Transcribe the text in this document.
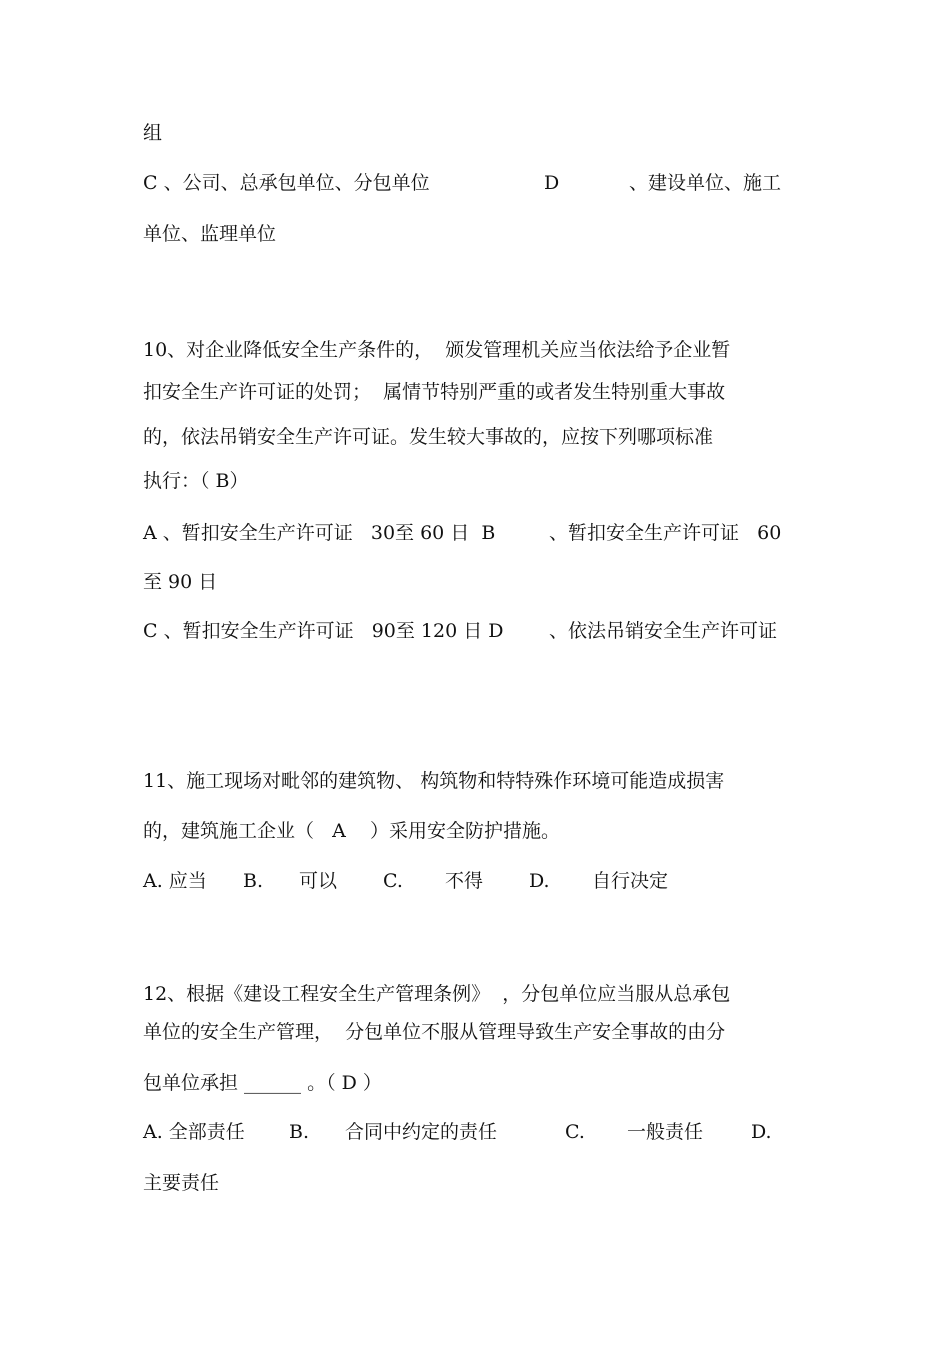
组

C 、公司、总承包单位、分包单位

	D

	、建设单位、施工

单位、监理单位
10、对企业降低安全生产条件的，  颁发管理机关应当依法给予企业暂
扣安全生产许可证的处罚；  属情节特别严重的或者发生特别重大事故
的，依法吊销安全生产许可证。发生较大事故的，应按下列哪项标准
执行：（ B）

A 、暂扣安全生产许可证   30至 60 日  B

	、暂扣安全生产许可证   60

至 90 日

C 、暂扣安全生产许可证   90至 120 日 D

、依法吊销安全生产许可证

11、施工现场对毗邻的建筑物、 构筑物和特特殊作环境可能造成损害
的，建筑施工企业（   A    ）采用安全防护措施。

A. 应当

B.

可以

C.

不得

D.

自行决定

12、根据《建设工程安全生产管理条例》  ，分包单位应当服从总承包
单位的安全生产管理，  分包单位不服从管理导致生产安全事故的由分
包单位承担 ______ 。（ D ）

A. 全部责任

B.

合同中约定的责任

	C.

一般责任

	D.

主要责任
